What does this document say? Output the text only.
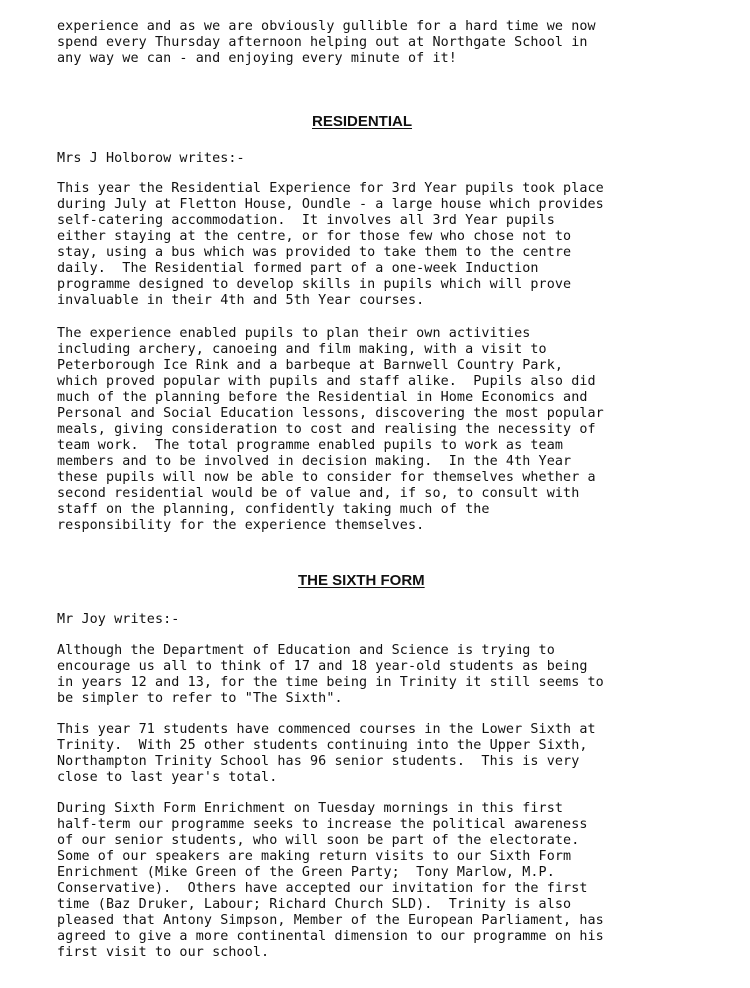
experience and as we are obviously gullible for a hard time we now
spend every Thursday afternoon helping out at Northgate School in
any way we can - and enjoying every minute of it!

RESIDENTIAL

Mrs J Holborow writes:-

This year the Residential Experience for 3rd Year pupils took place
during July at Fletton House, Oundle - a large house which provides
self-catering accommodation.  It involves all 3rd Year pupils
either staying at the centre, or for those few who chose not to
stay, using a bus which was provided to take them to the centre
daily.  The Residential formed part of a one-week Induction
programme designed to develop skills in pupils which will prove
invaluable in their 4th and 5th Year courses.

The experience enabled pupils to plan their own activities
including archery, canoeing and film making, with a visit to
Peterborough Ice Rink and a barbeque at Barnwell Country Park,
which proved popular with pupils and staff alike.  Pupils also did
much of the planning before the Residential in Home Economics and
Personal and Social Education lessons, discovering the most popular
meals, giving consideration to cost and realising the necessity of
team work.  The total programme enabled pupils to work as team
members and to be involved in decision making.  In the 4th Year
these pupils will now be able to consider for themselves whether a
second residential would be of value and, if so, to consult with
staff on the planning, confidently taking much of the
responsibility for the experience themselves.

THE SIXTH FORM

Mr Joy writes:-

Although the Department of Education and Science is trying to
encourage us all to think of 17 and 18 year-old students as being
in years 12 and 13, for the time being in Trinity it still seems to
be simpler to refer to "The Sixth".

This year 71 students have commenced courses in the Lower Sixth at
Trinity.  With 25 other students continuing into the Upper Sixth,
Northampton Trinity School has 96 senior students.  This is very
close to last year's total.

During Sixth Form Enrichment on Tuesday mornings in this first
half-term our programme seeks to increase the political awareness
of our senior students, who will soon be part of the electorate.
Some of our speakers are making return visits to our Sixth Form
Enrichment (Mike Green of the Green Party;  Tony Marlow, M.P.
Conservative).  Others have accepted our invitation for the first
time (Baz Druker, Labour; Richard Church SLD).  Trinity is also
pleased that Antony Simpson, Member of the European Parliament, has
agreed to give a more continental dimension to our programme on his
first visit to our school.
